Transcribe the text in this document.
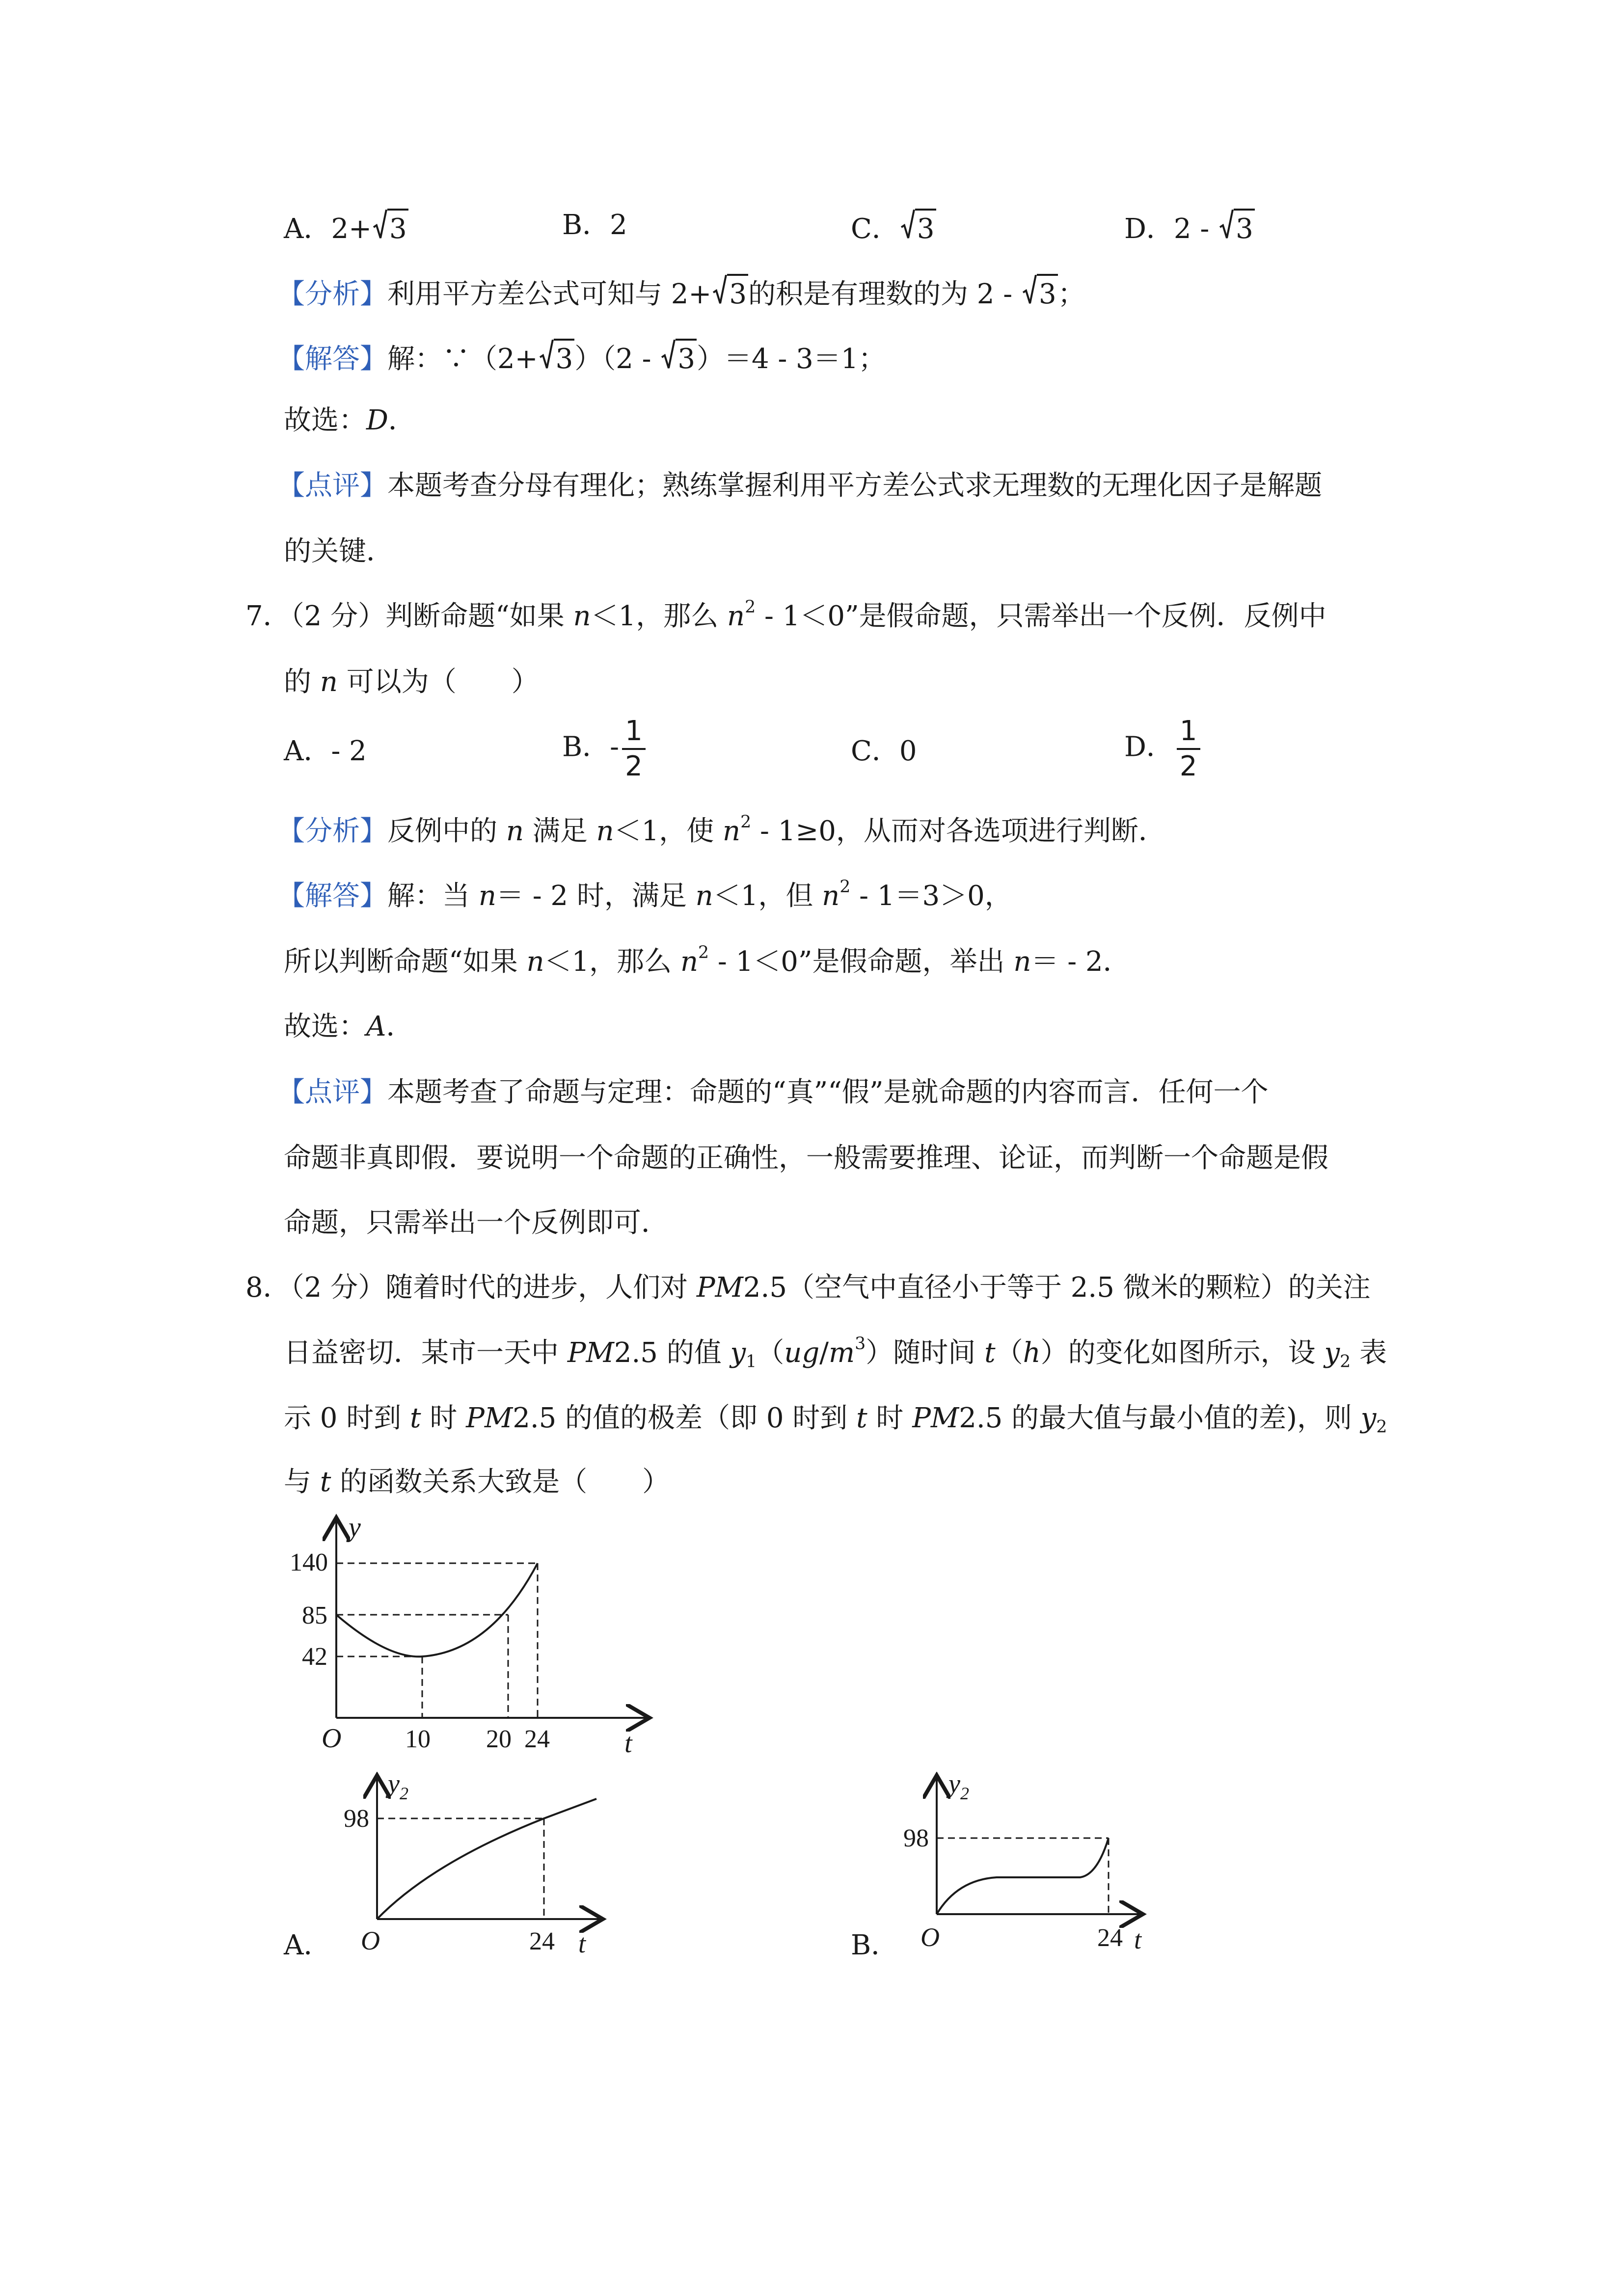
A．2+ 3	B．2	C． 3	D．2 ‐
3
【分析】利用平方差公式可知与 2+ 3的积是有理数的为 2 ‐
3；
【解答】解：∵（2+ 3）（2 ‐
3）＝4 ‐ 3＝1；
故选：D．
【点评】本题考查分母有理化；熟练掌握利用平方差公式求无理数的无理化因子是解题
的关键．
7．（2 分）判断命题“如果 n＜1，那么 $n^2$ ‐ 1＜0”是假命题，只需举出一个反例．反例中
的 n 可以为（　　）
A．‐ 2	B．‐ $\frac{1}{2}$	C．0	D． $\frac{1}{2}$
【分析】反例中的 n 满足 n＜1，使 $n^2$ ‐ 1≥0，从而对各选项进行判断．
【解答】解：当 n＝ ‐ 2 时，满足 n＜1，但 $n^2$ ‐ 1＝3＞0，
所以判断命题“如果 n＜1，那么 $n^2$ ‐ 1＜0”是假命题，举出 n＝ ‐ 2．
故选：A．
【点评】本题考查了命题与定理：命题的“真”“假”是就命题的内容而言．任何一个
命题非真即假．要说明一个命题的正确性，一般需要推理、论证，而判断一个命题是假
命题，只需举出一个反例即可．
8．（2 分）随着时代的进步，人们对 PM2.5（空气中直径小于等于 2.5 微米的颗粒）的关注
日益密切．某市一天中 PM2.5 的值 $y_1(ug/m^3)$随时间 t（h）的变化如图所示，设 $y_2$ 表
示 0 时到 t 时 PM2.5 的值的极差（即 0 时到 t 时 PM2.5 的最大值与最小值的差)，则 $y_2$
与 t 的函数关系大致是（　　）
y
t
O
140
85
42
10 20 24
A．
$y_2$
t
O
98
24	B．
$y_2$
t
O
98
24
